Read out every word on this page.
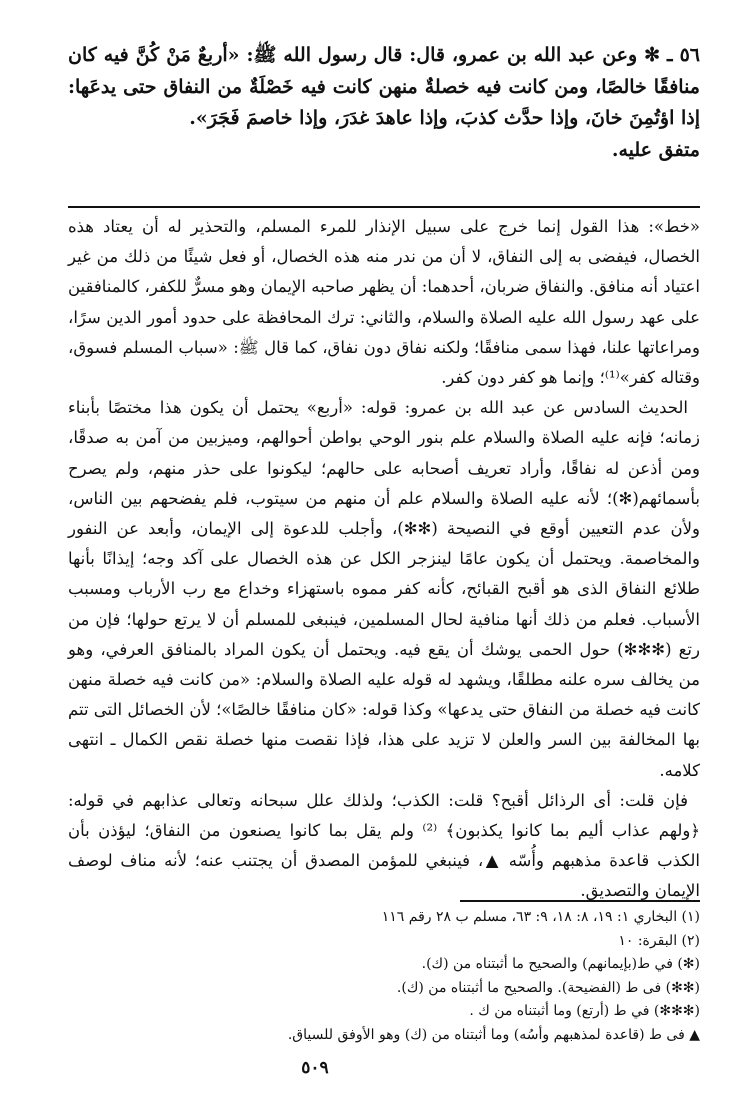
٥٦ ـ ✻ وعن عبد الله بن عمرو، قال: قال رسول الله ﷺ: «أربعٌ مَنْ كُنَّ فيه كان منافقًا خالصًا، ومن كانت فيه خصلةٌ منهن كانت فيه خَصْلَةٌ من النفاق حتى يدعَها: إذا اؤتُمِنَ خانَ، وإذا حدَّث كذبَ، وإذا عاهدَ غدَرَ، وإذا خاصمَ فَجَرَ».

متفق عليه.

«خط»: هذا القول إنما خرج على سبيل الإنذار للمرء المسلم، والتحذير له أن يعتاد هذه الخصال، فيفضى به إلى النفاق، لا أن من ندر منه هذه الخصال، أو فعل شيئًا من ذلك من غير اعتياد أنه منافق. والنفاق ضربان، أحدهما: أن يظهر صاحبه الإيمان وهو مسرٌّ للكفر، كالمنافقين على عهد رسول الله عليه الصلاة والسلام، والثاني: ترك المحافظة على حدود أمور الدين سرًا، ومراعاتها علنا، فهذا سمى منافقًا؛ ولكنه نفاق دون نفاق، كما قال ﷺ: «سباب المسلم فسوق، وقتاله كفر»⁽¹⁾؛ وإنما هو كفر دون كفر.

الحديث السادس عن عبد الله بن عمرو: قوله: «أربع» يحتمل أن يكون هذا مختصًا بأبناء زمانه؛ فإنه عليه الصلاة والسلام علم بنور الوحي بواطن أحوالهم، وميزبين من آمن به صدقًا، ومن أذعن له نفاقًا، وأراد تعريف أصحابه على حالهم؛ ليكونوا على حذر منهم، ولم يصرح بأسمائهم(✻)؛ لأنه عليه الصلاة والسلام علم أن منهم من سيتوب، فلم يفضحهم بين الناس، ولأن عدم التعيين أوقع في النصيحة (✻✻)، وأجلب للدعوة إلى الإيمان، وأبعد عن النفور والمخاصمة. ويحتمل أن يكون عامًا لينزجر الكل عن هذه الخصال على آكد وجه؛ إيذانًا بأنها طلائع النفاق الذى هو أقبح القبائح، كأنه كفر مموه باستهزاء وخداع مع رب الأرباب ومسبب الأسباب. فعلم من ذلك أنها منافية لحال المسلمين، فينبغى للمسلم أن لا يرتع حولها؛ فإن من رتع (✻✻✻) حول الحمى يوشك أن يقع فيه. ويحتمل أن يكون المراد بالمنافق العرفي، وهو من يخالف سره علنه مطلقًا، ويشهد له قوله عليه الصلاة والسلام: «من كانت فيه خصلة منهن كانت فيه خصلة من النفاق حتى يدعها» وكذا قوله: «كان منافقًا خالصًا»؛ لأن الخصائل التى تتم بها المخالفة بين السر والعلن لا تزيد على هذا، فإذا نقصت منها خصلة نقص الكمال ـ انتهى كلامه.

فإن قلت: أى الرذائل أقبح؟ قلت: الكذب؛ ولذلك علل سبحانه وتعالى عذابهم في قوله: ﴿ولهم عذاب أليم بما كانوا يكذبون﴾ ⁽²⁾ ولم يقل بما كانوا يصنعون من النفاق؛ ليؤذن بأن الكذب قاعدة مذهبهم وأُسّه ▲، فينبغي للمؤمن المصدق أن يجتنب عنه؛ لأنه مناف لوصف الإيمان والتصديق.

(١) البخاري ١: ١٩، ٨: ١٨، ٩: ٦٣، مسلم ب ٢٨ رقم ١١٦
(٢) البقرة: ١٠
(✻) في ط(بإيمانهم) والصحيح ما أثبتناه من (ك).
(✻✻) فى ط (الفضيحة). والصحيح ما أثبتناه من (ك).
(✻✻✻) في ط (أرتع) وما أثبتناه من ك .
▲ فى ط (قاعدة لمذهبهم وأسُه) وما أثبتناه من (ك) وهو الأوفق للسياق.
٥٠٩
